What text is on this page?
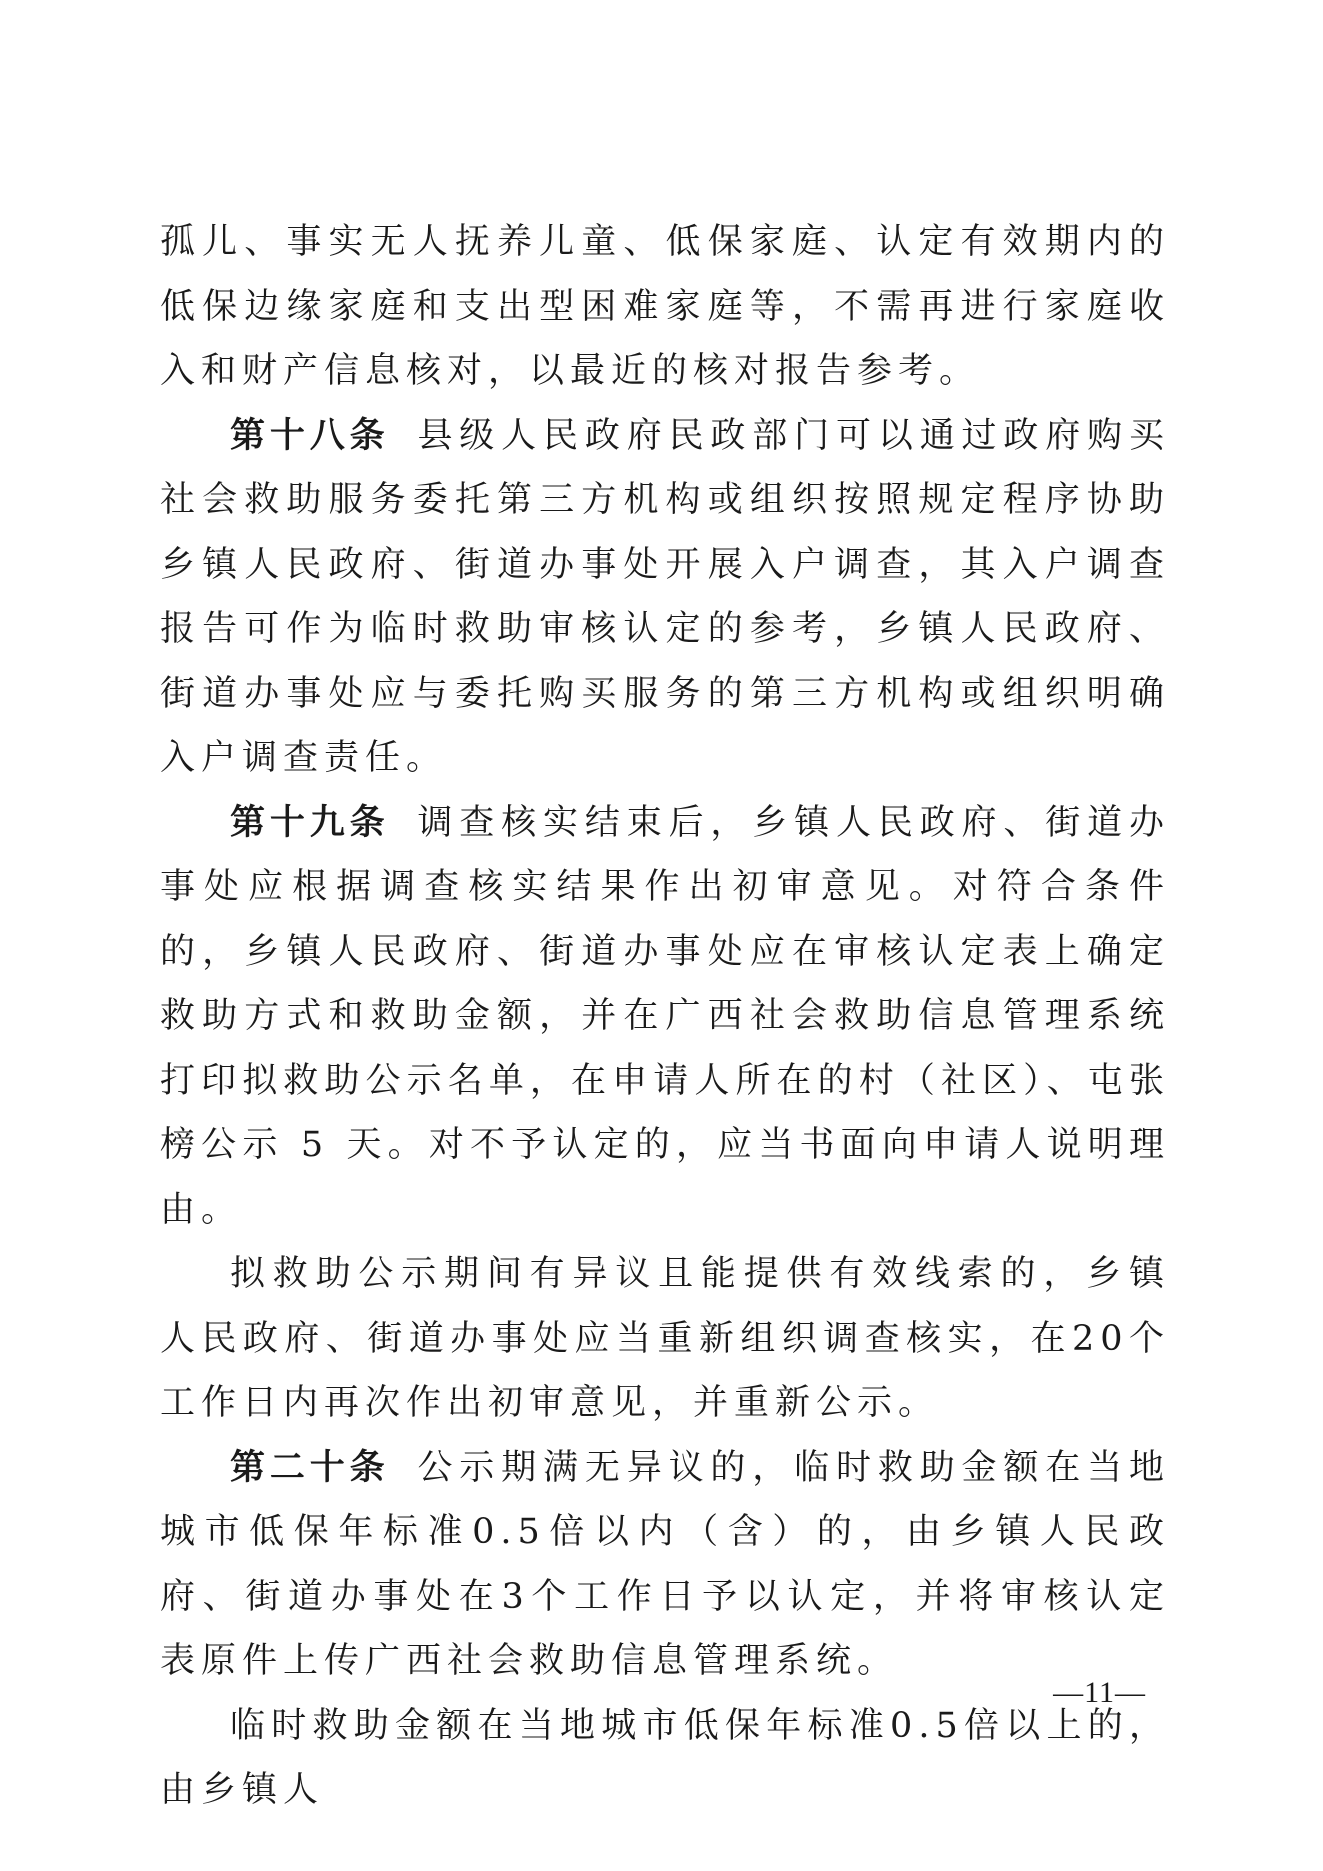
孤儿、事实无人抚养儿童、低保家庭、认定有效期内的低保边缘家庭和支出型困难家庭等，不需再进行家庭收入和财产信息核对，以最近的核对报告参考。

第十八条 县级人民政府民政部门可以通过政府购买社会救助服务委托第三方机构或组织按照规定程序协助乡镇人民政府、街道办事处开展入户调查，其入户调查报告可作为临时救助审核认定的参考，乡镇人民政府、街道办事处应与委托购买服务的第三方机构或组织明确入户调查责任。

第十九条 调查核实结束后，乡镇人民政府、街道办事处应根据调查核实结果作出初审意见。对符合条件的，乡镇人民政府、街道办事处应在审核认定表上确定救助方式和救助金额，并在广西社会救助信息管理系统打印拟救助公示名单，在申请人所在的村（社区）、屯张榜公示 5 天。对不予认定的，应当书面向申请人说明理由。

拟救助公示期间有异议且能提供有效线索的，乡镇人民政府、街道办事处应当重新组织调查核实，在20个工作日内再次作出初审意见，并重新公示。

第二十条 公示期满无异议的，临时救助金额在当地城市低保年标准0.5倍以内（含）的，由乡镇人民政府、街道办事处在3个工作日予以认定，并将审核认定表原件上传广西社会救助信息管理系统。

临时救助金额在当地城市低保年标准0.5倍以上的，由乡镇人

—11—
